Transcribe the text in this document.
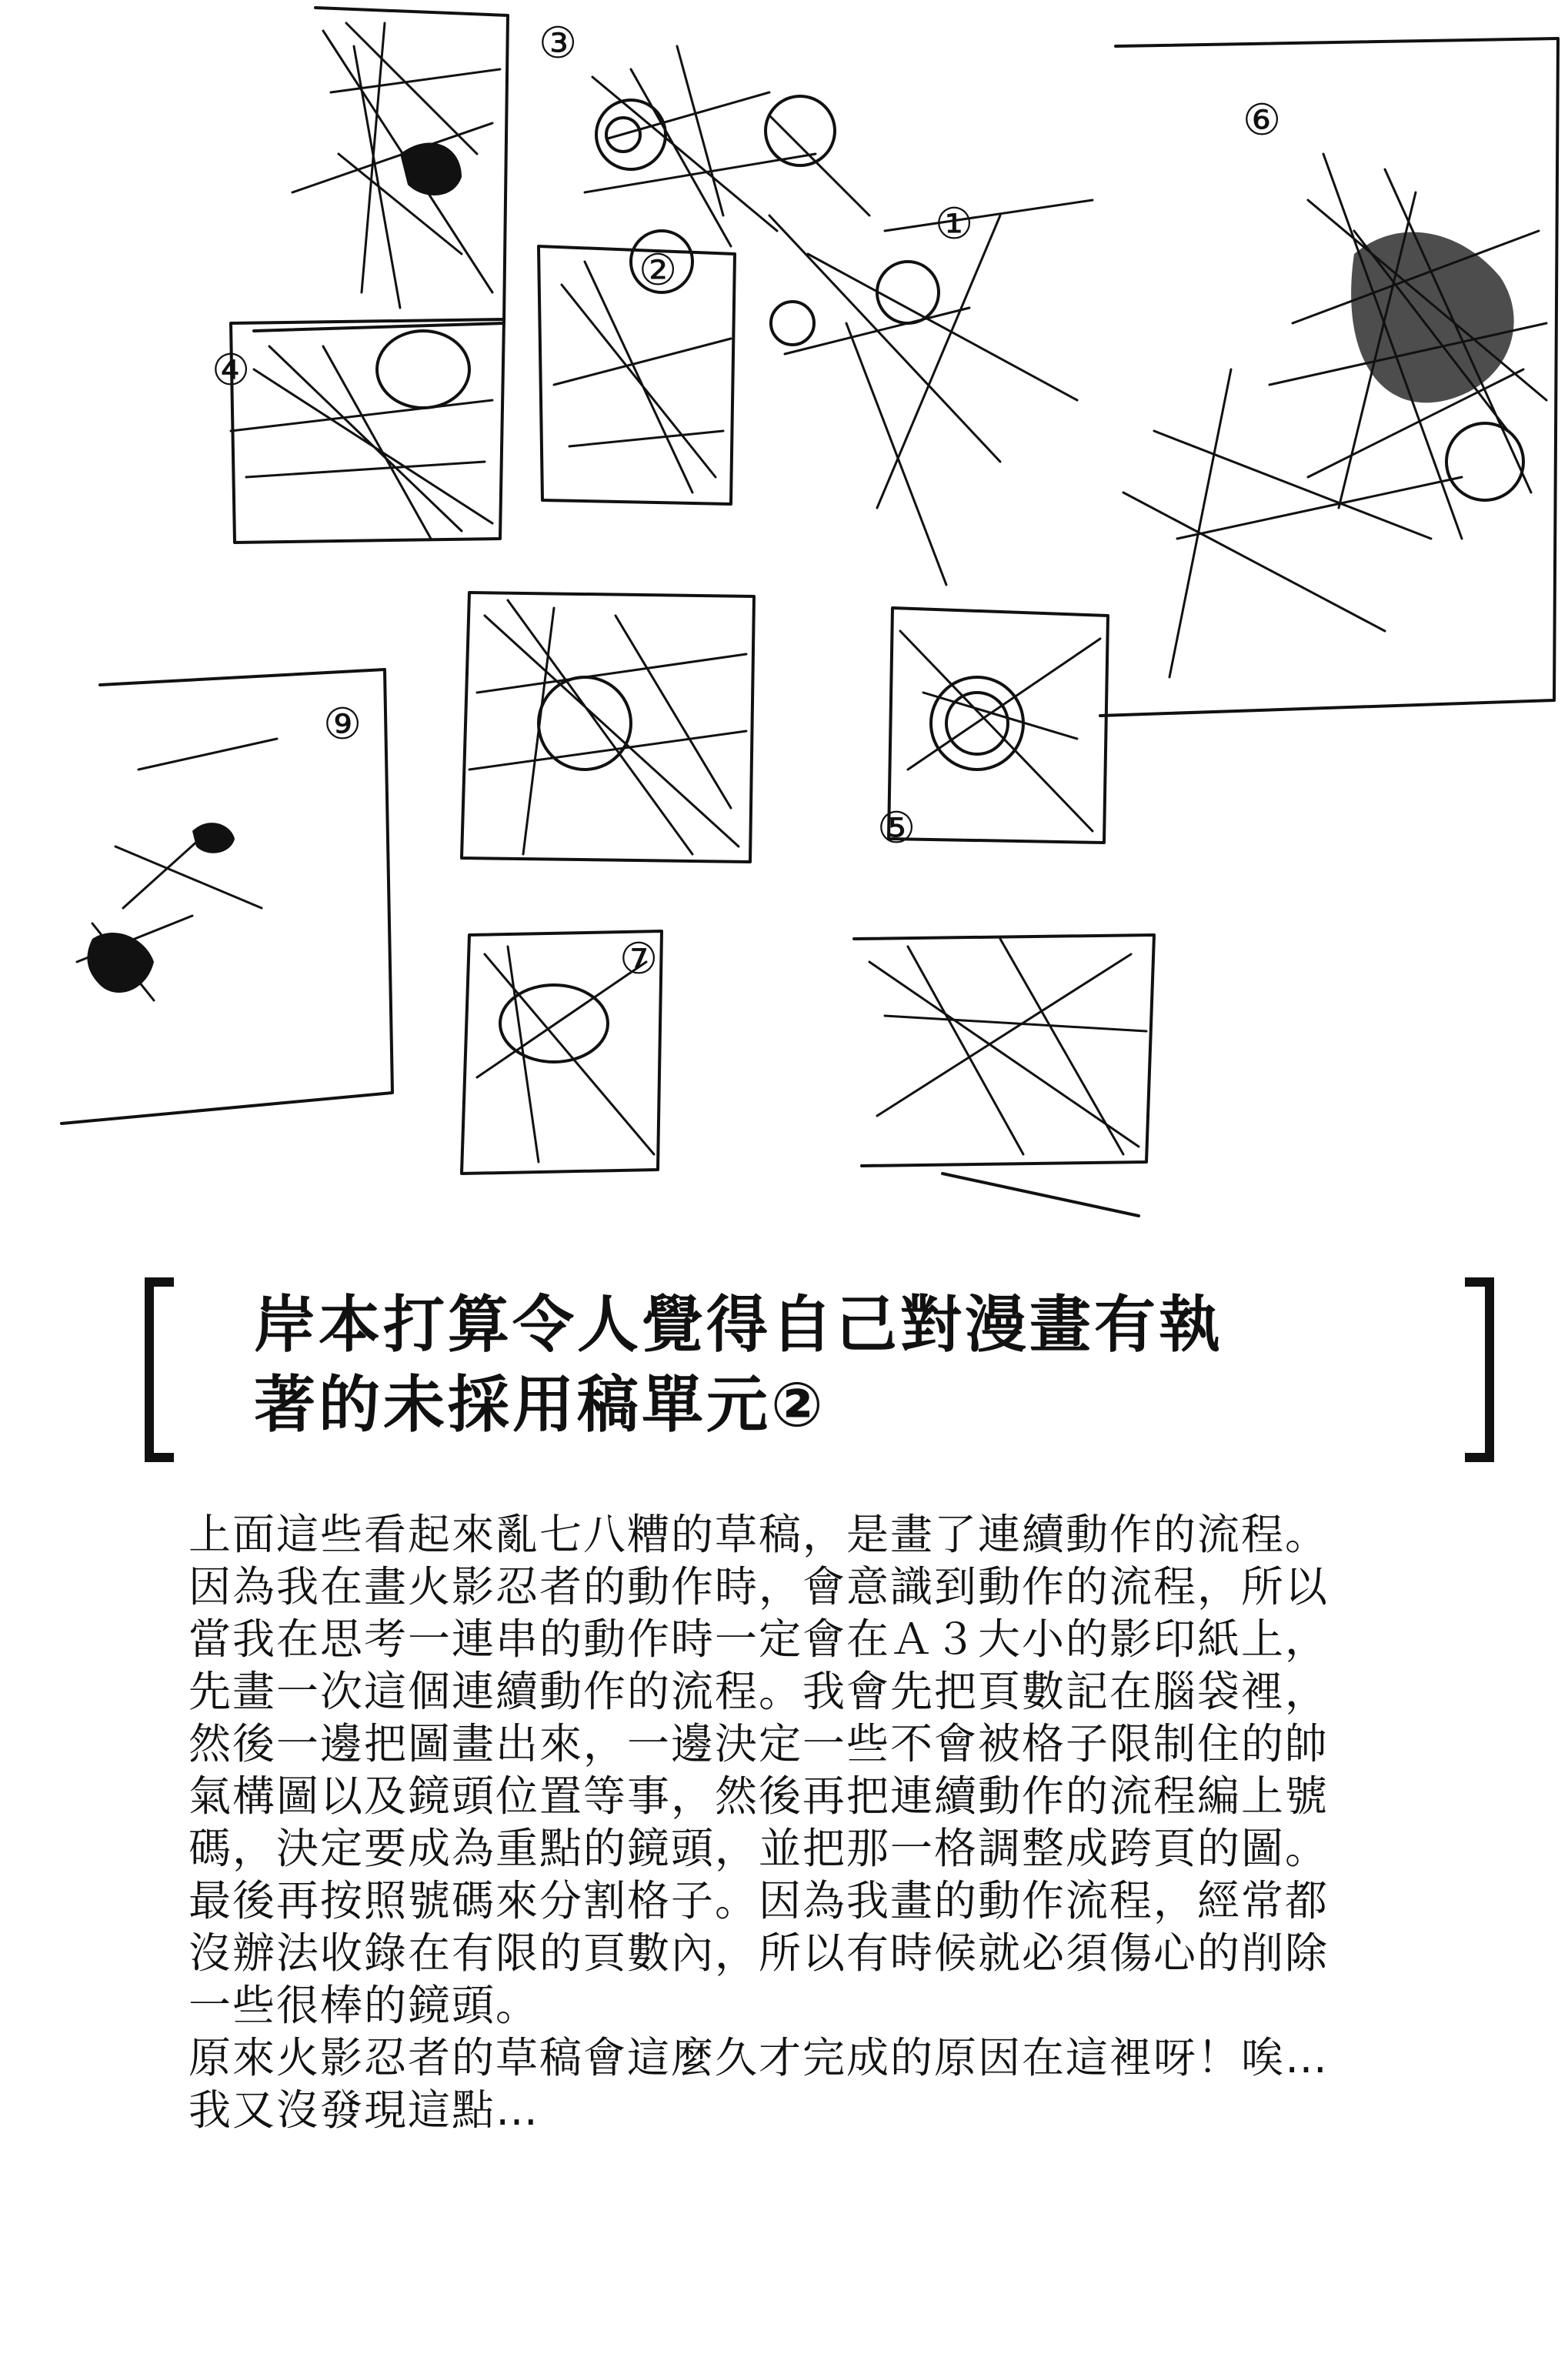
③
①
②
④
⑥
⑨
⑤
⑦
岸本打算令人覺得自己對漫畫有執
著的未採用稿單元②

上面這些看起來亂七八糟的草稿，是畫了連續動作的流程。
因為我在畫火影忍者的動作時，會意識到動作的流程，所以
當我在思考一連串的動作時一定會在Ａ３大小的影印紙上，
先畫一次這個連續動作的流程。我會先把頁數記在腦袋裡，
然後一邊把圖畫出來，一邊決定一些不會被格子限制住的帥
氣構圖以及鏡頭位置等事，然後再把連續動作的流程編上號
碼，決定要成為重點的鏡頭，並把那一格調整成跨頁的圖。
最後再按照號碼來分割格子。因為我畫的動作流程，經常都
沒辦法收錄在有限的頁數內，所以有時候就必須傷心的削除
一些很棒的鏡頭。

原來火影忍者的草稿會這麼久才完成的原因在這裡呀！唉…
我又沒發現這點…
